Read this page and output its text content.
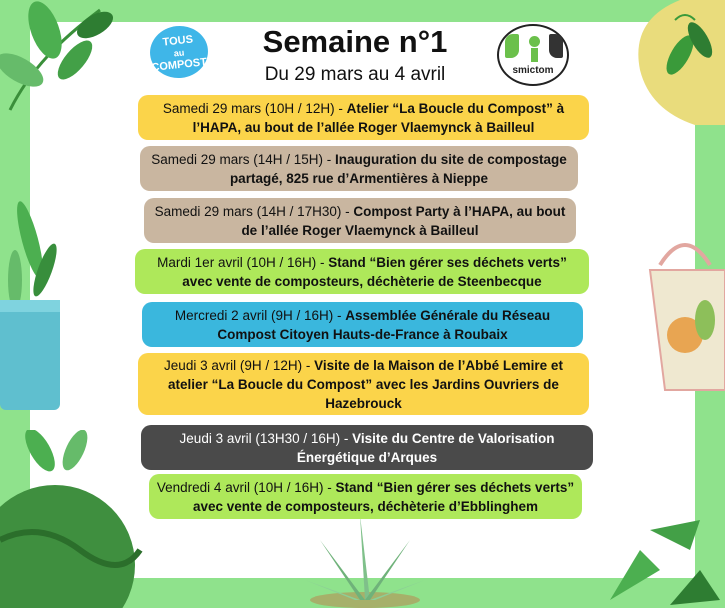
TOUS
au
COMPOST!
Semaine n°1
Du 29 mars au 4 avril	smictom

Samedi 29 mars (10H / 12H) - Atelier “La Boucle du Compost” à l’HAPA, au bout de l’allée Roger Vlaemynck à Bailleul

Samedi 29 mars (14H / 15H) - Inauguration du site de compostage partagé, 825 rue d’Armentières à Nieppe

Samedi 29 mars (14H / 17H30) - Compost Party à l’HAPA, au bout de l’allée Roger Vlaemynck à Bailleul

Mardi 1er avril (10H / 16H) - Stand “Bien gérer ses déchets verts” avec vente de composteurs, déchèterie de Steenbecque

Mercredi 2 avril (9H / 16H) - Assemblée Générale du Réseau Compost Citoyen Hauts-de-France à Roubaix

Jeudi 3 avril (9H / 12H) - Visite de la Maison de l’Abbé Lemire et atelier “La Boucle du Compost” avec les Jardins Ouvriers de Hazebrouck

Jeudi 3 avril (13H30 / 16H) - Visite du Centre de Valorisation Énergétique d’Arques

Vendredi 4 avril (10H / 16H) - Stand “Bien gérer ses déchets verts” avec vente de composteurs, déchèterie d’Ebblinghem
